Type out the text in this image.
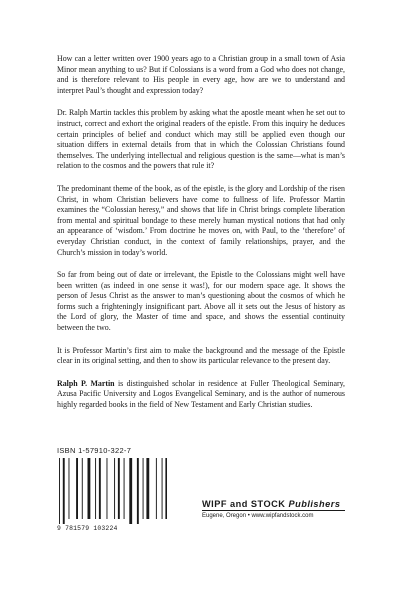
How can a letter written over 1900 years ago to a Christian group in a small town of Asia Minor mean anything to us? But if Colossians is a word from a God who does not change, and is therefore relevant to His people in every age, how are we to understand and interpret Paul’s thought and expression today?

Dr. Ralph Martin tackles this problem by asking what the apostle meant when he set out to instruct, correct and exhort the original readers of the epistle. From this inquiry he deduces certain principles of belief and conduct which may still be applied even though our situation differs in external details from that in which the Colossian Christians found themselves. The underlying intellectual and religious question is the same—what is man’s relation to the cosmos and the powers that rule it?

The predominant theme of the book, as of the epistle, is the glory and Lordship of the risen Christ, in whom Christian believers have come to fullness of life. Professor Martin examines the “Colossian heresy,” and shows that life in Christ brings complete liberation from mental and spiritual bondage to these merely human mystical notions that had only an appearance of ‘wisdom.’ From doctrine he moves on, with Paul, to the ‘therefore’ of everyday Christian conduct, in the context of family relationships, prayer, and the Church’s mission in today’s world.

So far from being out of date or irrelevant, the Epistle to the Colossians might well have been written (as indeed in one sense it was!), for our modern space age. It shows the person of Jesus Christ as the answer to man’s questioning about the cosmos of which he forms such a frighteningly insignificant part. Above all it sets out the Jesus of history as the Lord of glory, the Master of time and space, and shows the essential continuity between the two.

It is Professor Martin’s first aim to make the background and the message of the Epistle clear in its original setting, and then to show its particular relevance to the present day.

Ralph P. Martin is distinguished scholar in residence at Fuller Theological Seminary, Azusa Pacific University and Logos Evangelical Seminary, and is the author of numerous highly regarded books in the field of New Testament and Early Christian studies.

ISBN 1-57910-322-7
9 781579 103224
WIPF and STOCK Publishers
Eugene, Oregon • www.wipfandstock.com
